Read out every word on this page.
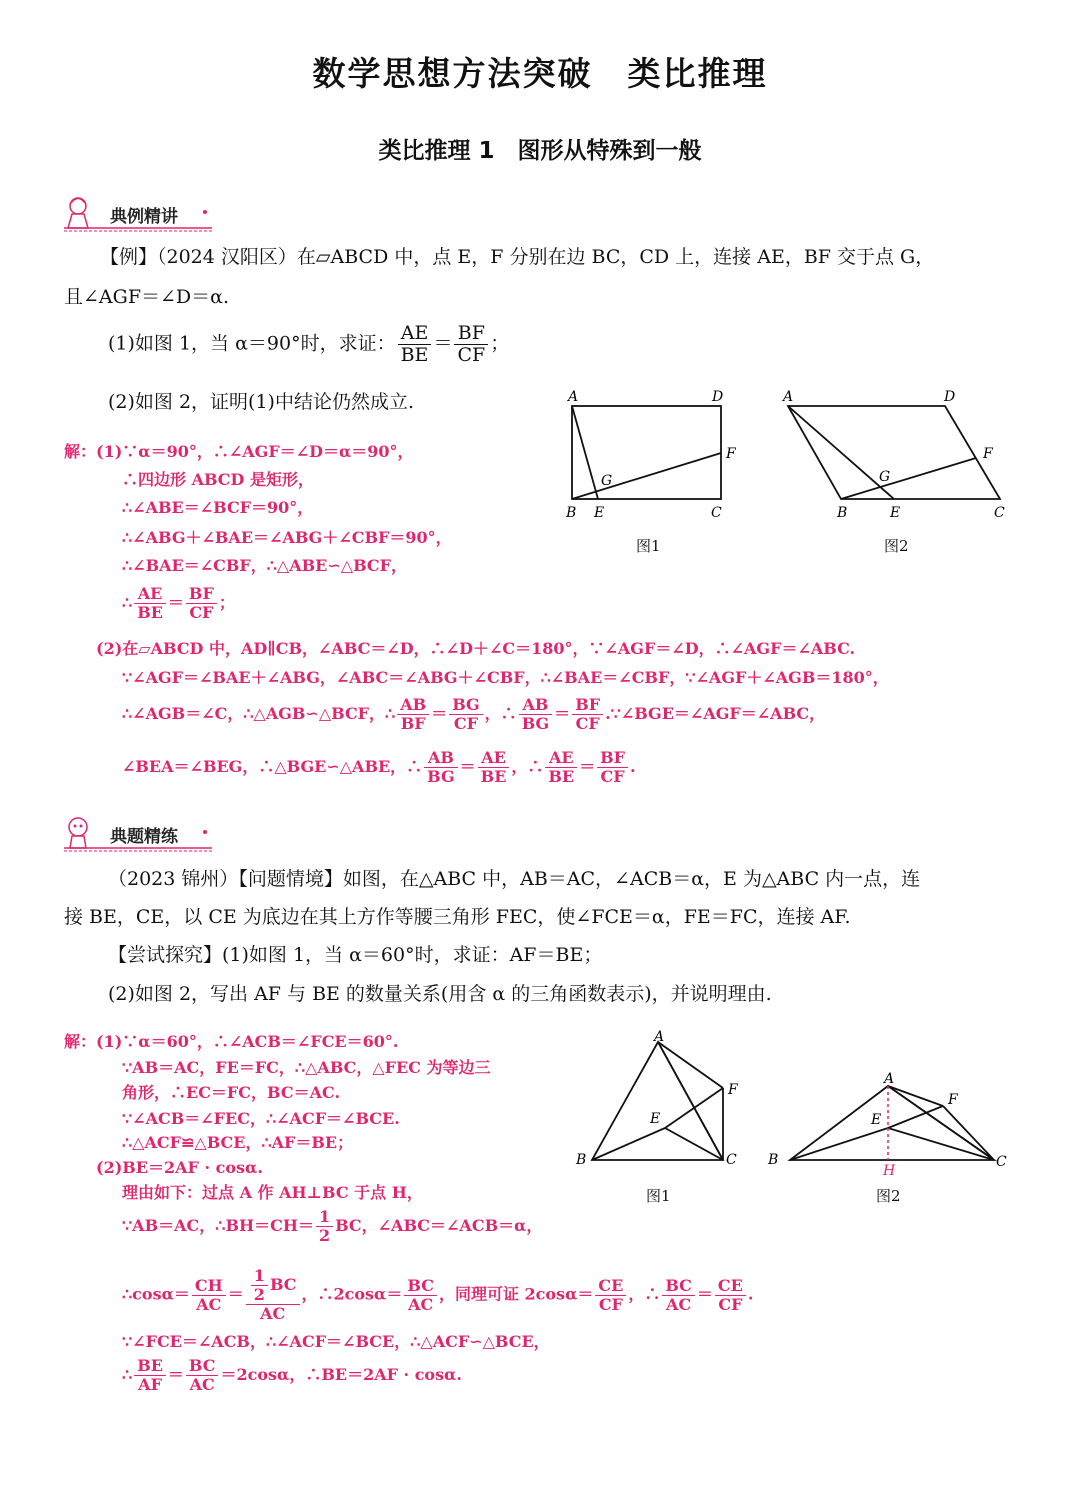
数学思想方法突破　类比推理
类比推理 1　图形从特殊到一般
典例精讲
【例】（2024 汉阳区）在▱ABCD 中，点 E，F 分别在边 BC，CD 上，连接 AE，BF 交于点 G，
且∠AGF＝∠D＝α.
(1)如图 1，当 α＝90°时，求证： $\frac{AE}{BE} = \frac{BF}{CF}$ ；
(2)如图 2，证明(1)中结论仍然成立.
解：(1)∵α＝90°，∴∠AGF＝∠D＝α＝90°，
∴四边形 ABCD 是矩形，
∴∠ABE＝∠BCF＝90°，
∴∠ABG＋∠BAE＝∠ABG＋∠CBF＝90°，
∴∠BAE＝∠CBF，∴△ABE∽△BCF，
∴ $\frac{AE}{BE} = \frac{BF}{CF}$ ；
(2)在▱ABCD 中，AD∥CB，∠ABC＝∠D，∴∠D＋∠C＝180°，∵∠AGF＝∠D，∴∠AGF＝∠ABC.
∵∠AGF＝∠BAE＋∠ABG，∠ABC＝∠ABG＋∠CBF，∴∠BAE＝∠CBF，∵∠AGF＋∠AGB＝180°，
∴∠AGB＝∠C，∴△AGB∽△BCF，∴ $\frac{AB}{BF} = \frac{BG}{CF}$ ，∴ $\frac{AB}{BG} = \frac{BF}{CF}$ .∵∠BGE＝∠AGF＝∠ABC，
∠BEA＝∠BEG，∴△BGE∽△ABE，∴ $\frac{AB}{BG} = \frac{AE}{BE}$ ，∴ $\frac{AE}{BE} = \frac{BF}{CF}$ .
A	D
F
G
B E	C
A	D
F
G
B	E	C
图1	图2
典题精练
（2023 锦州）【问题情境】如图，在△ABC 中，AB＝AC，∠ACB＝α，E 为△ABC 内一点，连
接 BE，CE，以 CE 为底边在其上方作等腰三角形 FEC，使∠FCE＝α，FE＝FC，连接 AF.
【尝试探究】(1)如图 1，当 α＝60°时，求证：AF＝BE；
(2)如图 2，写出 AF 与 BE 的数量关系(用含 α 的三角函数表示)，并说明理由.
解：(1)∵α＝60°，∴∠ACB＝∠FCE＝60°.
∵AB＝AC，FE＝FC，∴△ABC，△FEC 为等边三
角形，∴EC＝FC，BC＝AC.
∵∠ACB＝∠FEC，∴∠ACF＝∠BCE.
∴△ACF≌△BCE，∴AF＝BE；
(2)BE＝2AF · cosα.
理由如下：过点 A 作 AH⊥BC 于点 H，
∵AB＝AC，∴BH＝CH＝ $\frac{1}{2}$ BC，∠ABC＝∠ACB＝α，
∴cosα＝ $\frac{CH}{AC} = \frac{\frac{1}{2} BC}{AC}$ ，∴2cosα＝ $\frac{BC}{AC}$ ，同理可证 $2\cos\alpha= \frac{CE}{CF}$ ，∴ $\frac{BC}{AC} = \frac{CE}{CF}$ .
∵∠FCE＝∠ACB，∴∠ACF＝∠BCE，∴△ACF∽△BCE，
∴ $\frac{BE}{AF} = \frac{BC}{AC} =2\cos\alpha$，∴BE＝2AF · cosα.
A
F
E
B	C
A
F
E
B	C
H
图1	图2
